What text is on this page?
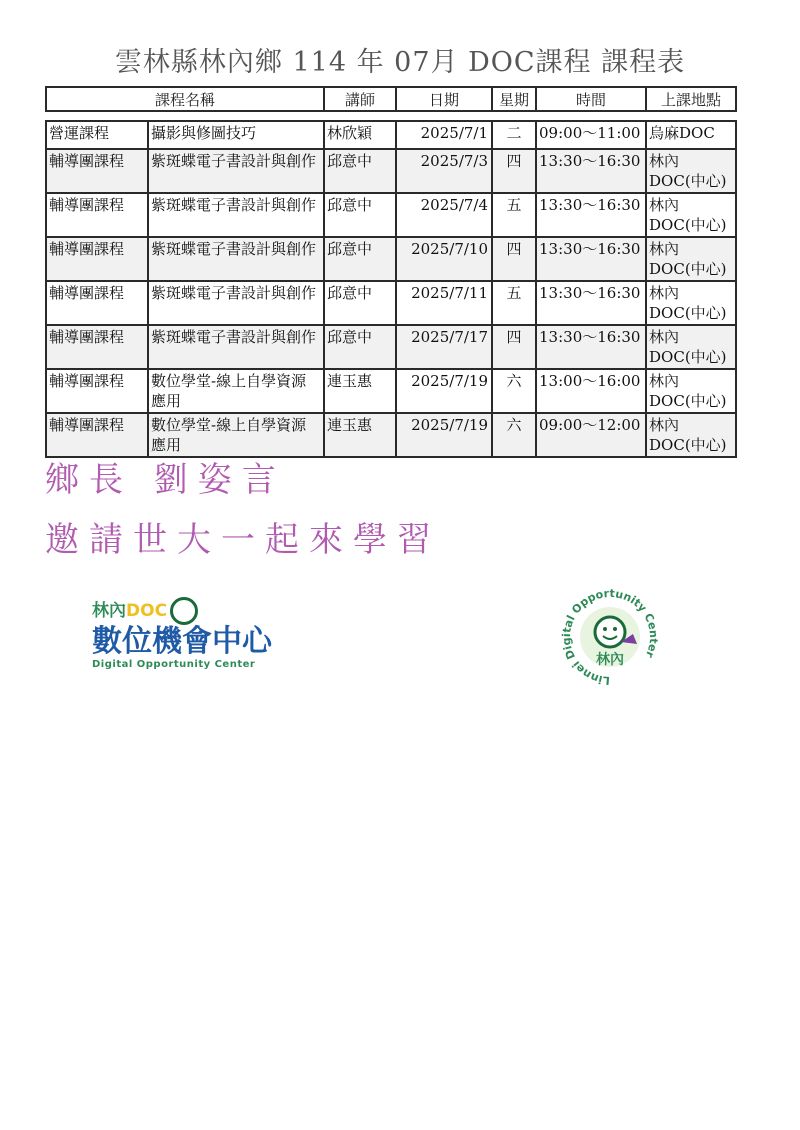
雲林縣林內鄉 114 年 07月 DOC課程 課程表
課程名稱		講師	日期	星期	時間	上課地點

營運課程	攝影與修圖技巧	林欣穎	2025/7/1	二	09:00～11:00	烏麻DOC
輔導團課程	紫斑蝶電子書設計與創作	邱意中	2025/7/3	四	13:30～16:30	林內DOC(中心)
輔導團課程	紫斑蝶電子書設計與創作	邱意中	2025/7/4	五	13:30～16:30	林內DOC(中心)
輔導團課程	紫斑蝶電子書設計與創作	邱意中	2025/7/10	四	13:30～16:30	林內DOC(中心)
輔導團課程	紫斑蝶電子書設計與創作	邱意中	2025/7/11	五	13:30～16:30	林內DOC(中心)
輔導團課程	紫斑蝶電子書設計與創作	邱意中	2025/7/17	四	13:30～16:30	林內DOC(中心)
輔導團課程	數位學堂-線上自學資源應用	連玉惠	2025/7/19	六	13:00～16:00	林內DOC(中心)
輔導團課程	數位學堂-線上自學資源應用	連玉惠	2025/7/19	六	09:00～12:00	林內DOC(中心)
鄉長 劉姿言
邀請世大一起來學習
林內DOC
數位機會中心
Digital Opportunity Center
Linnei Digital Opportunity Center
林內
